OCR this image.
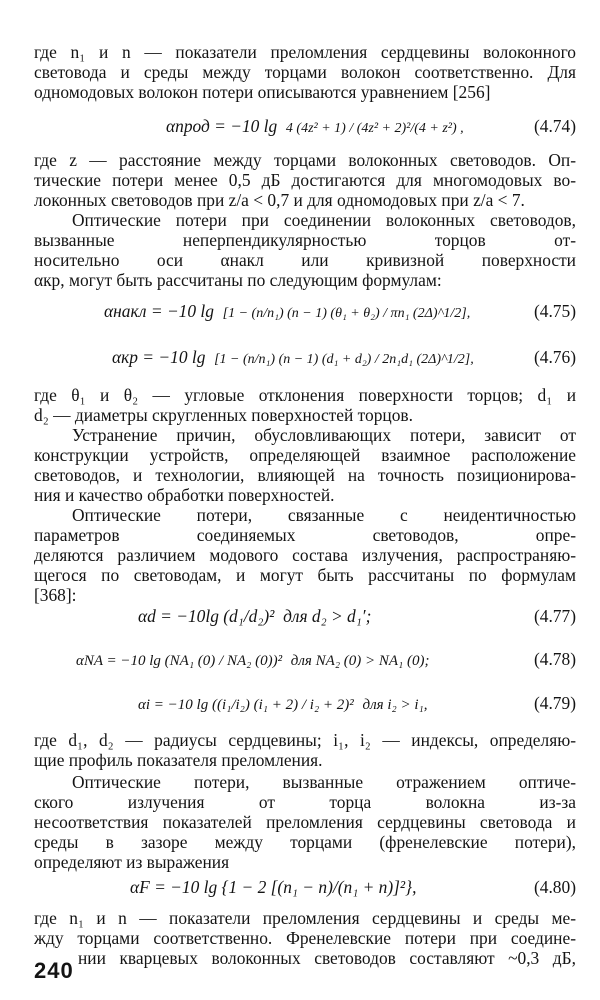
где n₁ и n — показатели преломления сердцевины волоконного
световода и среды между торцами волокон соответственно. Для
одномодовых волокон потери описываются уравнением [256]
αпрод = −10 lg 4 (4z² + 1) / (4z² + 2)²/(4 + z²) ,	(4.74)
где z — расстояние между торцами волоконных световодов. Оп-
тические потери менее 0,5 дБ достигаются для многомодовых во-
локонных световодов при z/a < 0,7 и для одномодовых при z/a < 7.
Оптические потери при соединении волоконных световодов,
вызванные неперпендикулярностью торцов от-
носительно оси αнакл или кривизной поверхности
αкр, могут быть рассчитаны по следующим формулам:
αнакл = −10 lg [1 − (n/n₁) (n − 1) (θ₁ + θ₂) / πn₁ (2Δ)^1/2],	(4.75)
αкр = −10 lg [1 − (n/n₁) (n − 1) (d₁ + d₂) / 2n₁d₁ (2Δ)^1/2],	(4.76)
где θ₁ и θ₂ — угловые отклонения поверхности торцов; d₁ и
d₂ — диаметры скругленных поверхностей торцов.
Устранение причин, обусловливающих потери, зависит от
конструкции устройств, определяющей взаимное расположение
световодов, и технологии, влияющей на точность позиционирова-
ния и качество обработки поверхностей.
Оптические потери, связанные с неидентичностью
параметров соединяемых световодов, опре-
деляются различием модового состава излучения, распространяю-
щегося по световодам, и могут быть рассчитаны по формулам
[368]:
αd = −10lg (d₁/d₂)² для d₂ > d₁′;	(4.77)
αNA = −10 lg (NA₁ (0) / NA₂ (0))² для NA₂ (0) > NA₁ (0);	(4.78)
αi = −10 lg ((i₁/i₂) (i₁ + 2) / i₂ + 2)² для i₂ > i₁,	(4.79)
где d₁, d₂ — радиусы сердцевины; i₁, i₂ — индексы, определяю-
щие профиль показателя преломления.
Оптические потери, вызванные отражением оптиче-
ского излучения от торца волокна из-за
несоответствия показателей преломления сердцевины световода и
среды в зазоре между торцами (френелевские потери),
определяют из выражения
αF = −10 lg {1 − 2 [(n₁ − n)/(n₁ + n)]²},	(4.80)
где n₁ и n — показатели преломления сердцевины и среды ме-
жду торцами соответственно. Френелевские потери при соедине-
нии кварцевых волоконных световодов составляют ~0,3 дБ,
240
